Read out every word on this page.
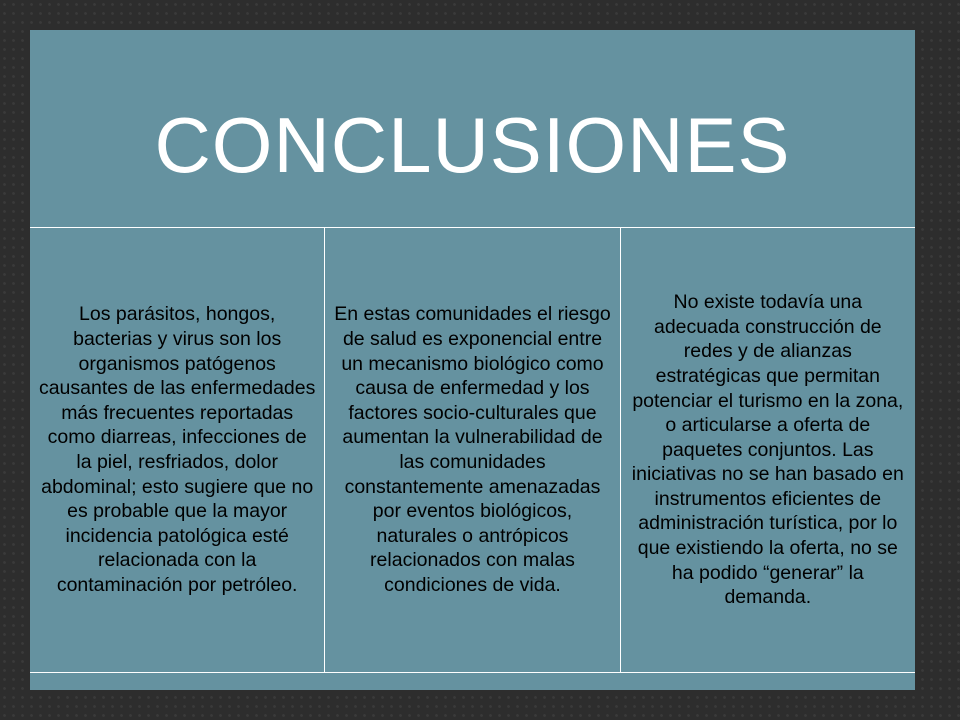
CONCLUSIONES
Los parásitos, hongos, bacterias y virus son los organismos patógenos causantes de las enfermedades más frecuentes reportadas como diarreas, infecciones de la piel, resfriados, dolor abdominal; esto sugiere que no es probable que la mayor incidencia patológica esté relacionada con la contaminación por petróleo.
En estas comunidades el riesgo de salud es exponencial entre un mecanismo biológico como causa de enfermedad y los factores socio-culturales que aumentan la vulnerabilidad de las comunidades constantemente amenazadas por eventos biológicos, naturales o antrópicos relacionados con malas condiciones de vida.
No existe todavía una adecuada construcción de redes y de alianzas estratégicas que permitan potenciar el turismo en la zona, o articularse a oferta de paquetes conjuntos. Las iniciativas no se han basado en instrumentos eficientes de administración turística, por lo que existiendo la oferta, no se ha podido “generar” la demanda.
